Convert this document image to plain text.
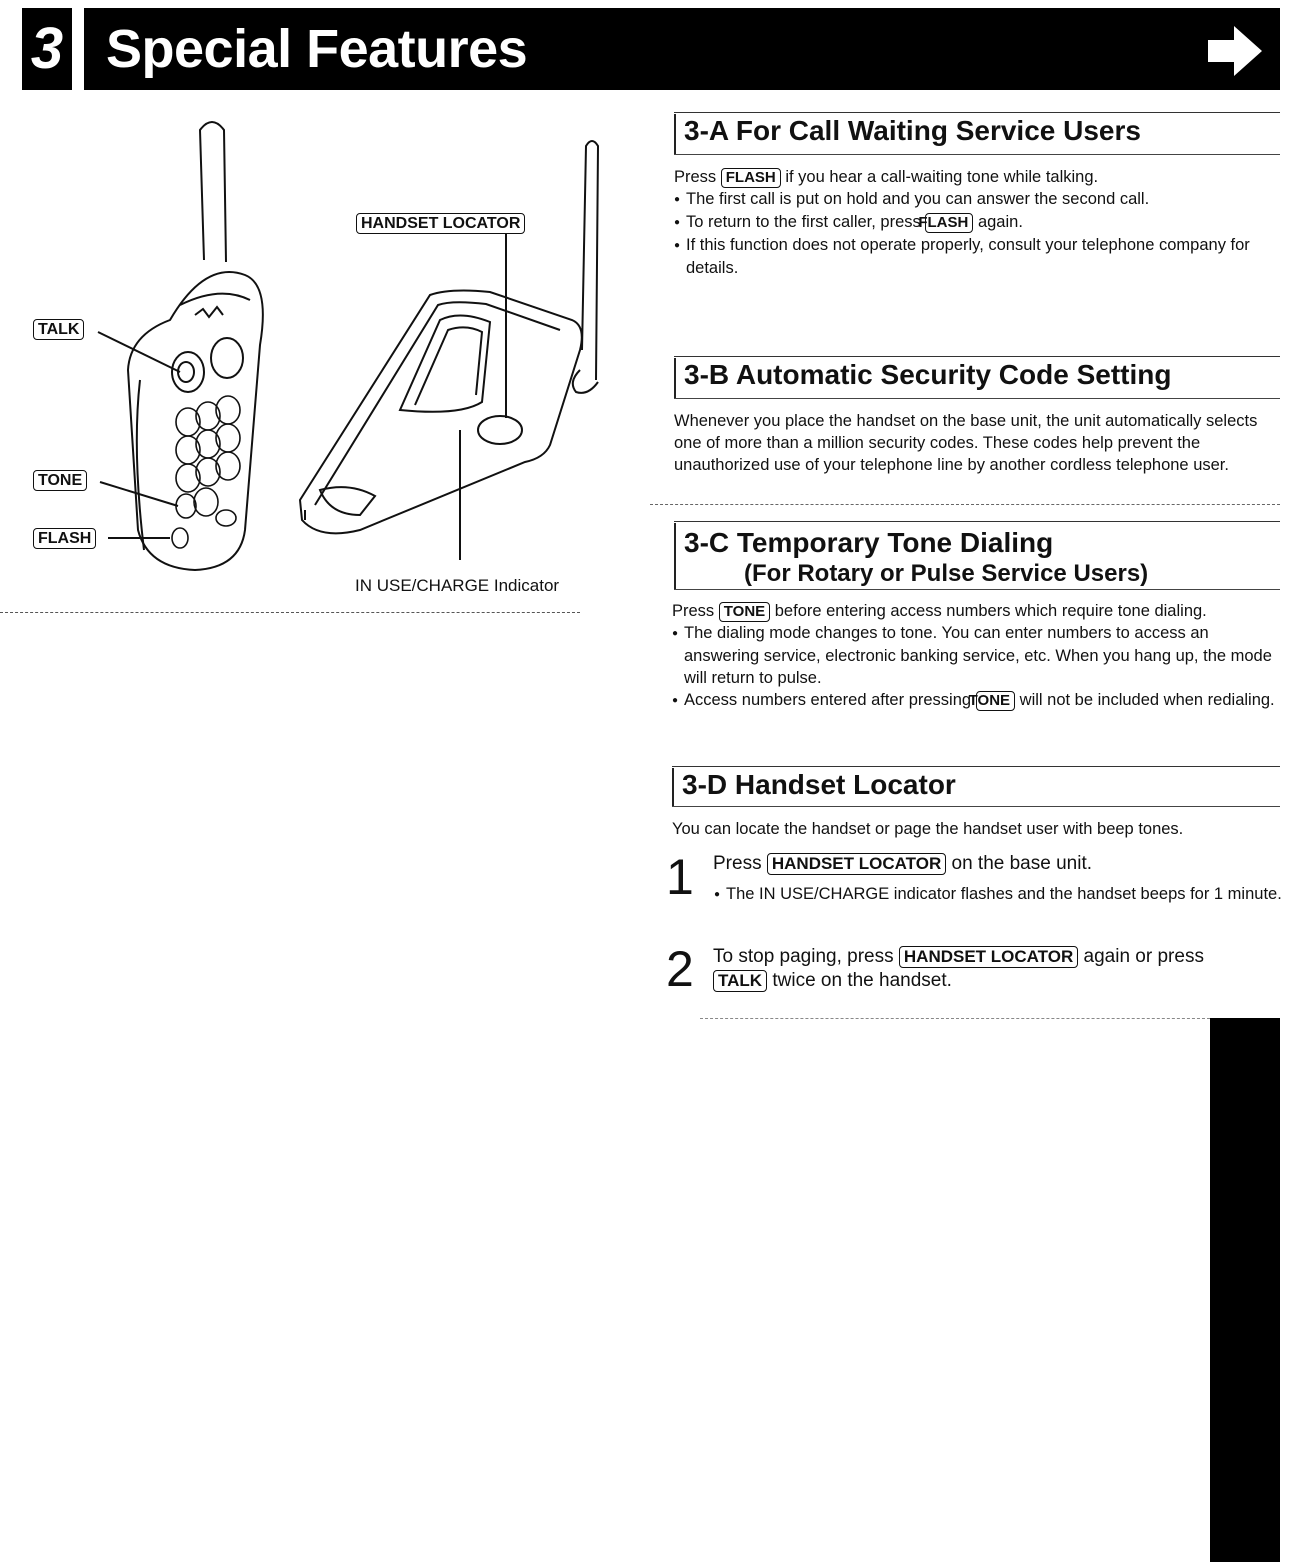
3 Special Features
TALK
TONE
FLASH
HANDSET LOCATOR
IN USE/CHARGE Indicator
3-A For Call Waiting Service Users

Press FLASH if you hear a call-waiting tone while talking.

● The first call is put on hold and you can answer the second call.

● To return to the first caller, press FLASH again.

● If this function does not operate properly, consult your telephone company for details.

3-B Automatic Security Code Setting
Whenever you place the handset on the base unit, the unit automatically selects one of more than a million security codes. These codes help prevent the unauthorized use of your telephone line by another cordless telephone user.
3-C Temporary Tone Dialing
(For Rotary or Pulse Service Users)

Press TONE before entering access numbers which require tone dialing.

● The dialing mode changes to tone. You can enter numbers to access an answering service, electronic banking service, etc. When you hang up, the mode will return to pulse.

● Access numbers entered after pressing TONE will not be included when redialing.

3-D Handset Locator
You can locate the handset or page the handset user with beep tones.
1 Press HANDSET LOCATOR on the base unit.
● The IN USE/CHARGE indicator flashes and the handset beeps for 1 minute.
2 To stop paging, press HANDSET LOCATOR again or press
TALK twice on the handset.
